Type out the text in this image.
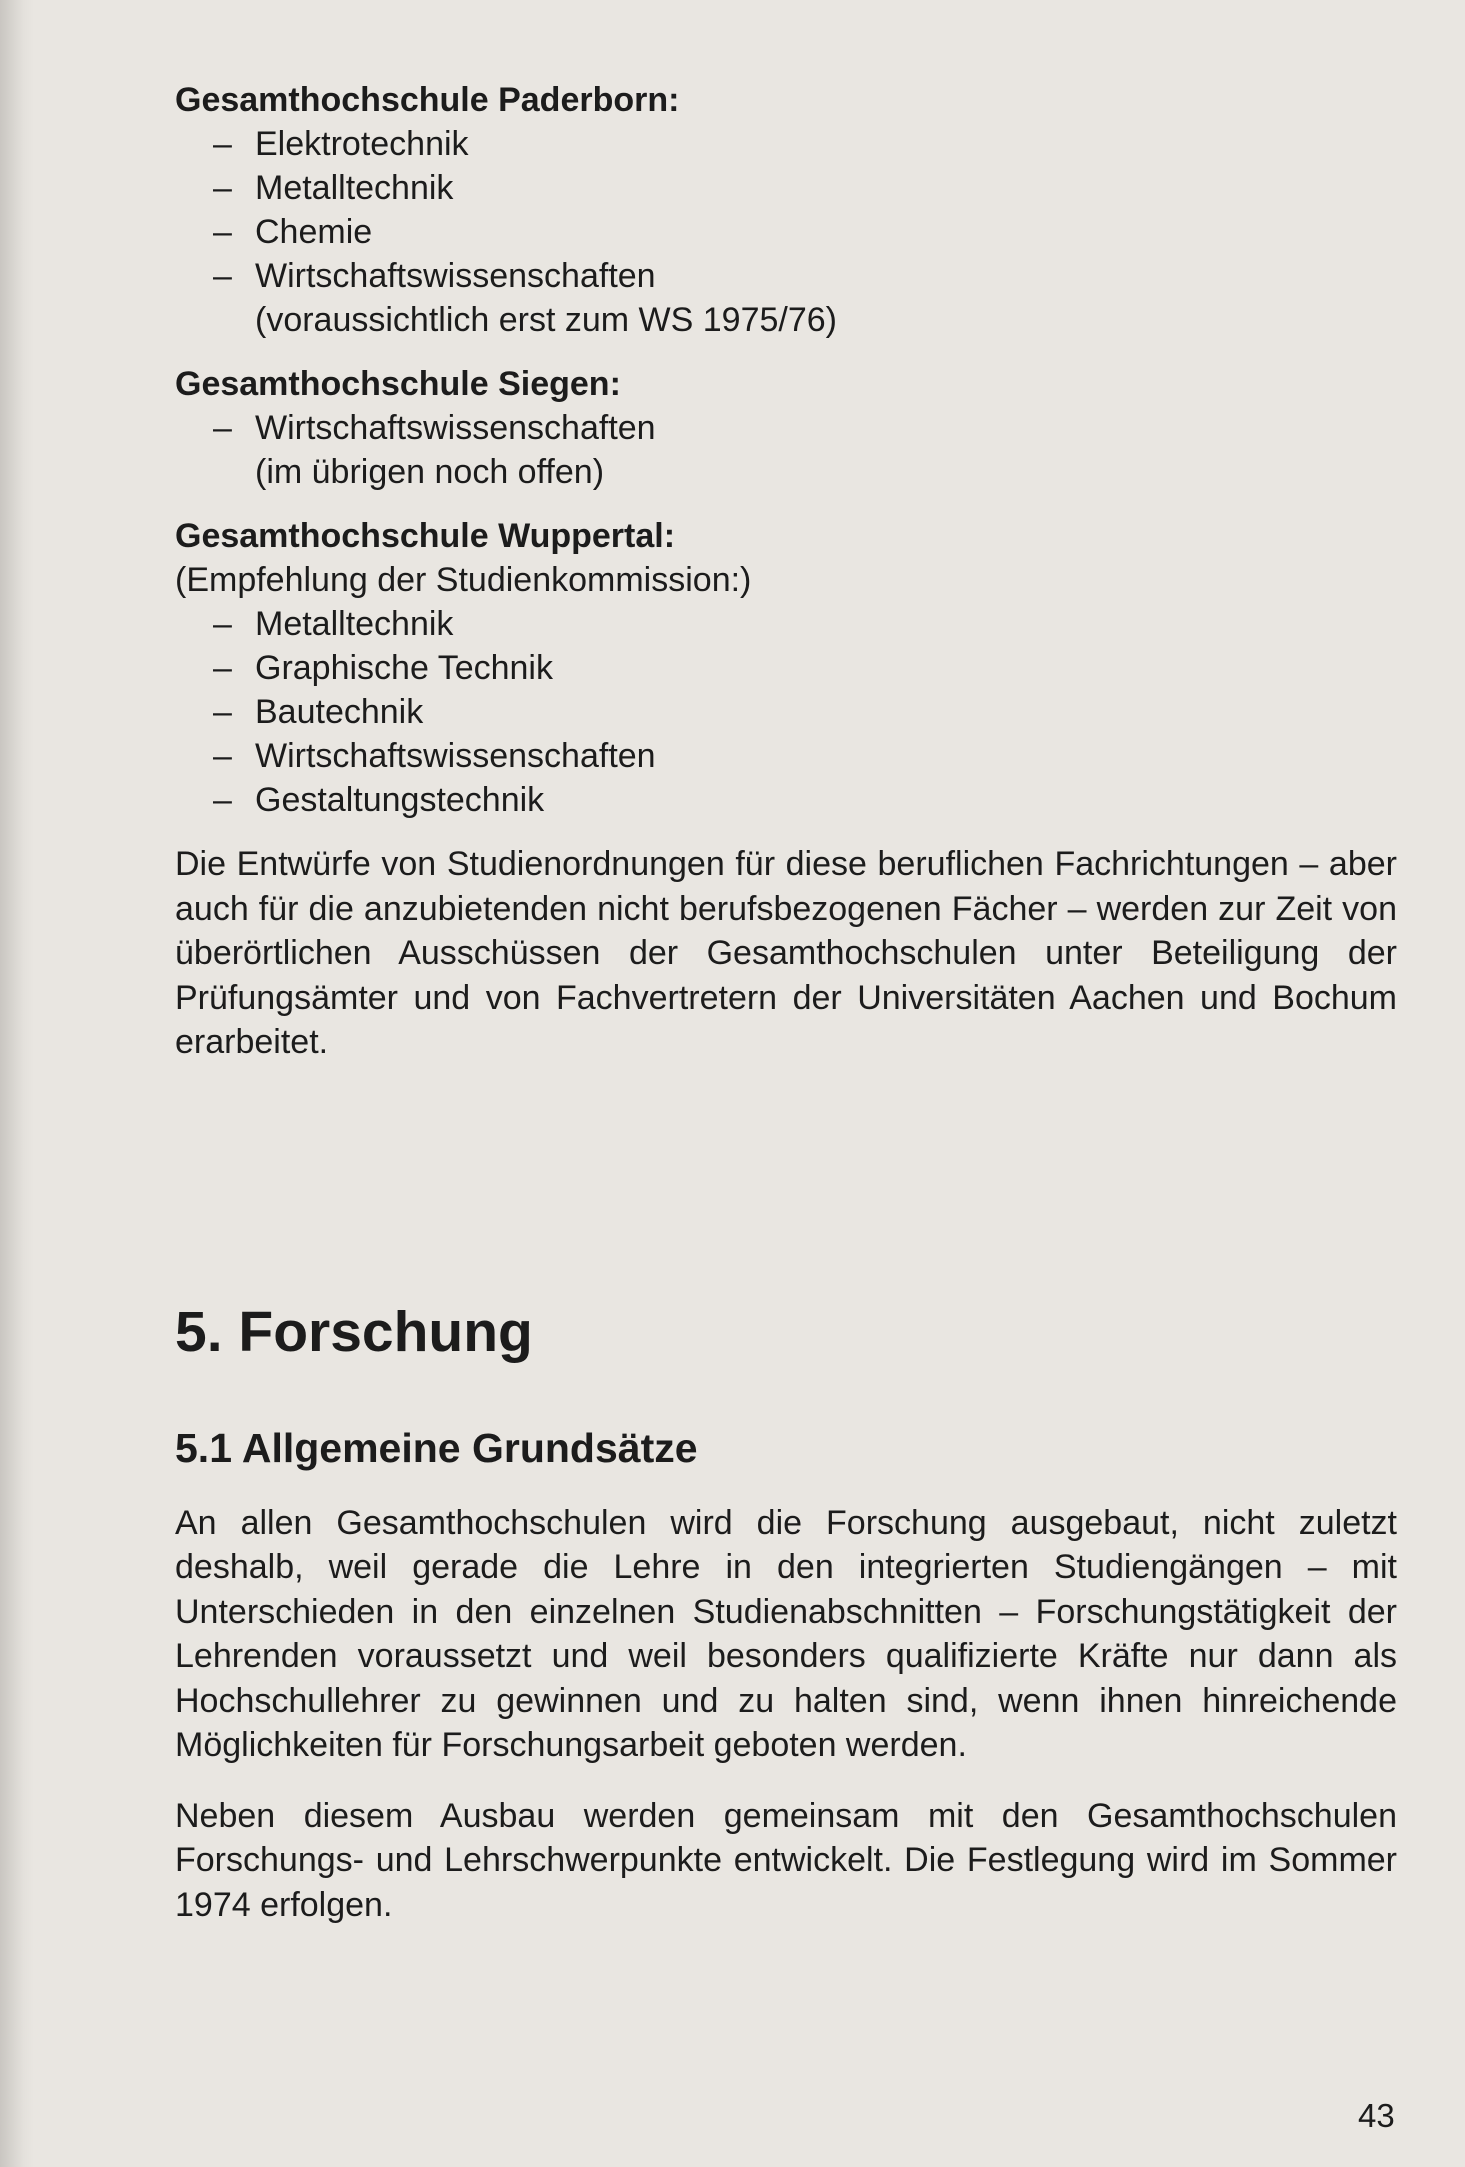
Gesamthochschule Paderborn:

– Elektrotechnik
– Metalltechnik
– Chemie
– Wirtschaftswissenschaften

(voraussichtlich erst zum WS 1975/76)

Gesamthochschule Siegen:

– Wirtschaftswissenschaften

(im übrigen noch offen)

Gesamthochschule Wuppertal:

(Empfehlung der Studienkommission:)

– Metalltechnik
– Graphische Technik
– Bautechnik
– Wirtschaftswissenschaften
– Gestaltungstechnik

Die Entwürfe von Studienordnungen für diese beruflichen Fachrichtungen – aber auch für die anzubietenden nicht berufsbezogenen Fächer – werden zur Zeit von überörtlichen Ausschüssen der Gesamthochschulen unter Beteiligung der Prüfungsämter und von Fachvertretern der Universitäten Aachen und Bochum erarbeitet.

5. Forschung
5.1 Allgemeine Grundsätze

An allen Gesamthochschulen wird die Forschung ausgebaut, nicht zuletzt deshalb, weil gerade die Lehre in den integrierten Studiengängen – mit Unterschieden in den einzelnen Studienabschnitten – Forschungstätigkeit der Lehrenden voraussetzt und weil besonders qualifizierte Kräfte nur dann als Hochschullehrer zu gewinnen und zu halten sind, wenn ihnen hinreichende Möglichkeiten für Forschungsarbeit geboten werden.

Neben diesem Ausbau werden gemeinsam mit den Gesamthochschulen Forschungs- und Lehrschwerpunkte entwickelt. Die Festlegung wird im Sommer 1974 erfolgen.

43
